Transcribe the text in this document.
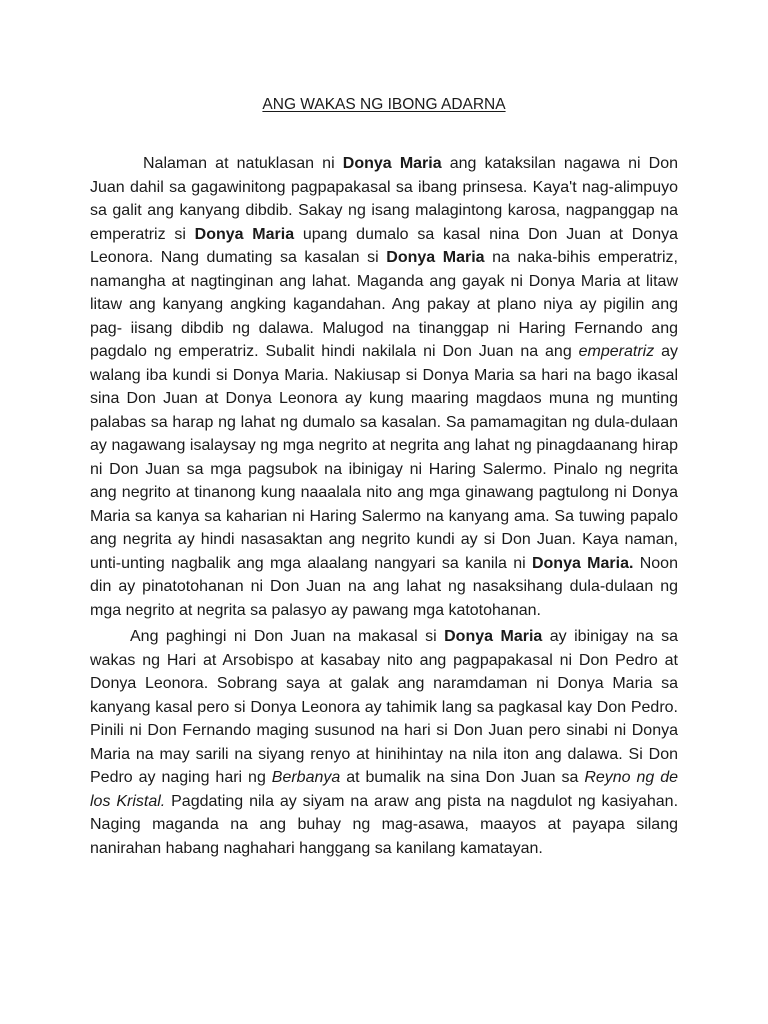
ANG WAKAS NG IBONG ADARNA

Nalaman at natuklasan ni Donya Maria ang kataksilan nagawa ni Don Juan dahil sa gagawinitong pagpapakasal sa ibang prinsesa. Kaya't nag-alimpuyo sa galit ang kanyang dibdib. Sakay ng isang malagintong karosa, nagpanggap na emperatriz si Donya Maria upang dumalo sa kasal nina Don Juan at Donya Leonora. Nang dumating sa kasalan si Donya Maria na naka-bihis emperatriz, namangha at nagtinginan ang lahat. Maganda ang gayak ni Donya Maria at litaw litaw ang kanyang angking kagandahan. Ang pakay at plano niya ay pigilin ang pag- iisang dibdib ng dalawa. Malugod na tinanggap ni Haring Fernando ang pagdalo ng emperatriz. Subalit hindi nakilala ni Don Juan na ang emperatriz ay walang iba kundi si Donya Maria. Nakiusap si Donya Maria sa hari na bago ikasal sina Don Juan at Donya Leonora ay kung maaring magdaos muna ng munting palabas sa harap ng lahat ng dumalo sa kasalan. Sa pamamagitan ng dula-dulaan ay nagawang isalaysay ng mga negrito at negrita ang lahat ng pinagdaanang hirap ni Don Juan sa mga pagsubok na ibinigay ni Haring Salermo. Pinalo ng negrita ang negrito at tinanong kung naaalala nito ang mga ginawang pagtulong ni Donya Maria sa kanya sa kaharian ni Haring Salermo na kanyang ama. Sa tuwing papalo ang negrita ay hindi nasasaktan ang negrito kundi ay si Don Juan. Kaya naman, unti-unting nagbalik ang mga alaalang nangyari sa kanila ni Donya Maria. Noon din ay pinatotohanan ni Don Juan na ang lahat ng nasaksihang dula-dulaan ng mga negrito at negrita sa palasyo ay pawang mga katotohanan.

Ang paghingi ni Don Juan na makasal si Donya Maria ay ibinigay na sa wakas ng Hari at Arsobispo at kasabay nito ang pagpapakasal ni Don Pedro at Donya Leonora. Sobrang saya at galak ang naramdaman ni Donya Maria sa kanyang kasal pero si Donya Leonora ay tahimik lang sa pagkasal kay Don Pedro. Pinili ni Don Fernando maging susunod na hari si Don Juan pero sinabi ni Donya Maria na may sarili na siyang renyo at hinihintay na nila iton ang dalawa. Si Don Pedro ay naging hari ng Berbanya at bumalik na sina Don Juan sa Reyno ng de los Kristal. Pagdating nila ay siyam na araw ang pista na nagdulot ng kasiyahan. Naging maganda na ang buhay ng mag-asawa, maayos at payapa silang nanirahan habang naghahari hanggang sa kanilang kamatayan.
